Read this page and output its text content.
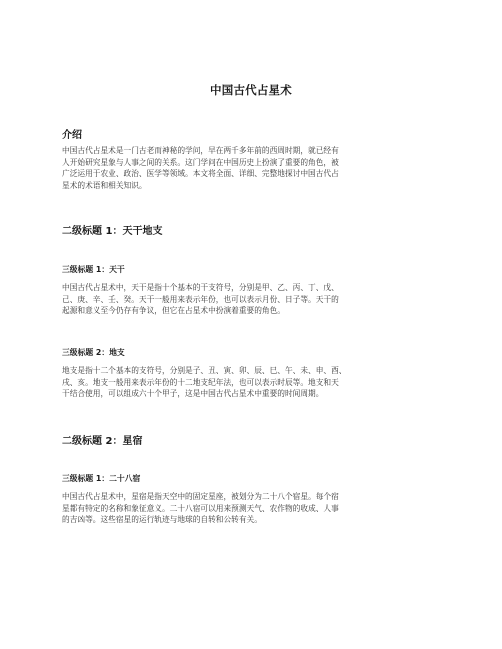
中国古代占星术
介绍

中国古代占星术是一门古老而神秘的学问，早在两千多年前的西周时期，就已经有
人开始研究星象与人事之间的关系。这门学问在中国历史上扮演了重要的角色，被
广泛运用于农业、政治、医学等领域。本文将全面、详细、完整地探讨中国古代占
星术的术语和相关知识。

二级标题 1：天干地支
三级标题 1：天干

中国古代占星术中，天干是指十个基本的干支符号，分别是甲、乙、丙、丁、戊、
己、庚、辛、壬、癸。天干一般用来表示年份，也可以表示月份、日子等。天干的
起源和意义至今仍存有争议，但它在占星术中扮演着重要的角色。

三级标题 2：地支

地支是指十二个基本的支符号，分别是子、丑、寅、卯、辰、巳、午、未、申、酉、
戌、亥。地支一般用来表示年份的十二地支纪年法，也可以表示时辰等。地支和天
干结合使用，可以组成六十个甲子，这是中国古代占星术中重要的时间周期。

二级标题 2：星宿
三级标题 1：二十八宿

中国古代占星术中，星宿是指天空中的固定星座，被划分为二十八个宿星。每个宿
星都有特定的名称和象征意义。二十八宿可以用来预测天气、农作物的收成、人事
的吉凶等。这些宿星的运行轨迹与地球的自转和公转有关。
